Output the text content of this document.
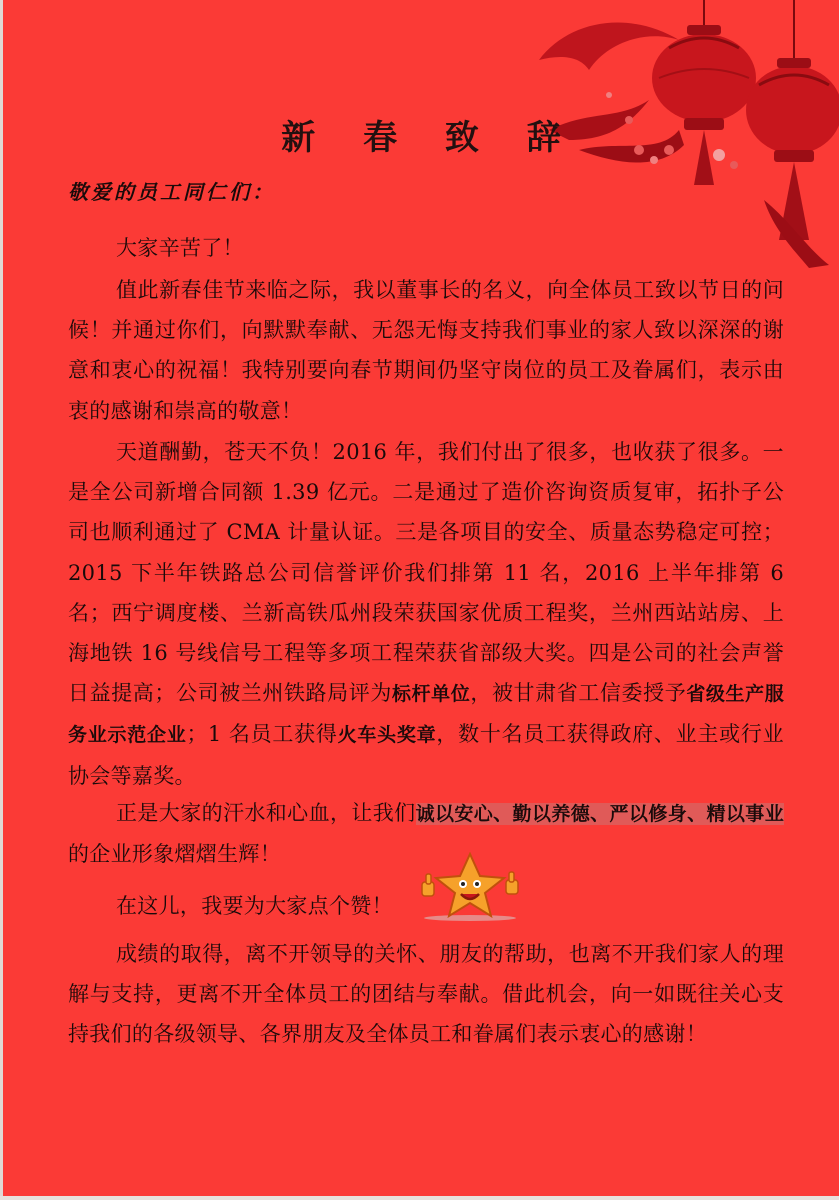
新 春 致 辞
敬爱的员工同仁们：
大家辛苦了！
值此新春佳节来临之际，我以董事长的名义，向全体员工致以节日的问候！并通过你们，向默默奉献、无怨无悔支持我们事业的家人致以深深的谢意和衷心的祝福！我特别要向春节期间仍坚守岗位的员工及眷属们，表示由衷的感谢和崇高的敬意！
天道酬勤，苍天不负！2016 年，我们付出了很多，也收获了很多。一是全公司新增合同额 1.39 亿元。二是通过了造价咨询资质复审，拓扑子公司也顺利通过了 CMA 计量认证。三是各项目的安全、质量态势稳定可控；2015 下半年铁路总公司信誉评价我们排第 11 名，2016 上半年排第 6 名；西宁调度楼、兰新高铁瓜州段荣获国家优质工程奖，兰州西站站房、上海地铁 16 号线信号工程等多项工程荣获省部级大奖。四是公司的社会声誉日益提高；公司被兰州铁路局评为标杆单位，被甘肃省工信委授予省级生产服务业示范企业；1 名员工获得火车头奖章，数十名员工获得政府、业主或行业协会等嘉奖。
正是大家的汗水和心血，让我们诚以安心、勤以养德、严以修身、精以事业的企业形象熠熠生辉！
在这儿，我要为大家点个赞！
成绩的取得，离不开领导的关怀、朋友的帮助，也离不开我们家人的理解与支持，更离不开全体员工的团结与奉献。借此机会，向一如既往关心支持我们的各级领导、各界朋友及全体员工和眷属们表示衷心的感谢！
